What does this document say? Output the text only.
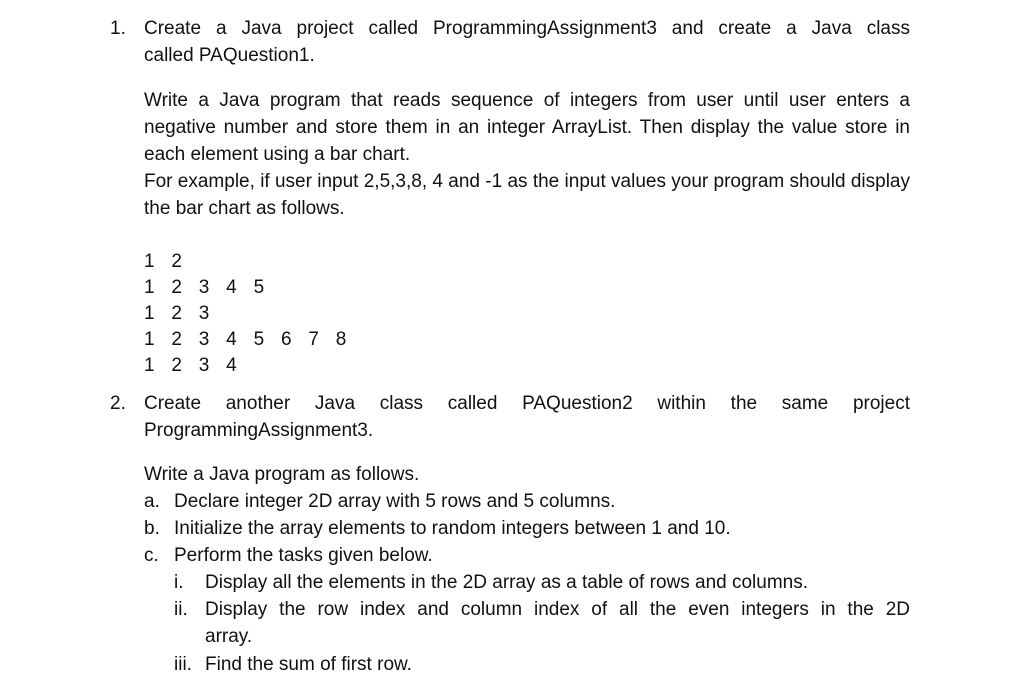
1. Create a Java project called ProgrammingAssignment3 and create a Java class
called PAQuestion1.
Write a Java program that reads sequence of integers from user until user enters a negative number and store them in an integer ArrayList. Then display the value store in each element using a bar chart.
For example, if user input 2,5,3,8, 4 and -1 as the input values your program should display the bar chart as follows.
1 2
1 2 3 4 5
1 2 3
1 2 3 4 5 6 7 8
1 2 3 4
2. Create another Java class called PAQuestion2 within the same project
ProgrammingAssignment3.
Write a Java program as follows.
a. Declare integer 2D array with 5 rows and 5 columns.
b. Initialize the array elements to random integers between 1 and 10.
c. Perform the tasks given below.
i. Display all the elements in the 2D array as a table of rows and columns.
ii. Display the row index and column index of all the even integers in the 2D
array.
iii. Find the sum of first row.
